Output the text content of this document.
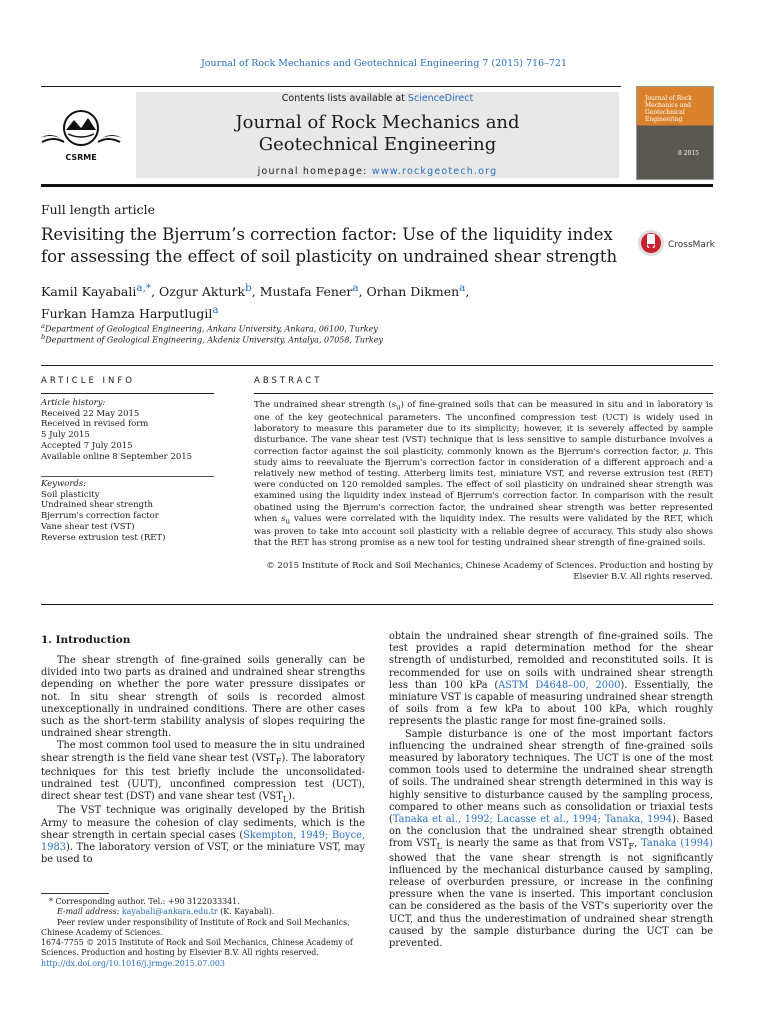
Journal of Rock Mechanics and Geotechnical Engineering 7 (2015) 716–721
CSRME
Contents lists available at ScienceDirect
Journal of Rock Mechanics and
Geotechnical Engineering
journal homepage: www.rockgeotech.org
Journal of Rock Mechanics and Geotechnical Engineering
8 2015
Full length article
Revisiting the Bjerrum’s correction factor: Use of the liquidity index
for assessing the effect of soil plasticity on undrained shear strength
CrossMark
Kamil Kayabali$^{a,*}$, Ozgur Akturk$^b$, Mustafa Fener$^a$, Orhan Dikmen$^a$,
Furkan Hamza Harputlugil$^a$
$^a$Department of Geological Engineering, Ankara University, Ankara, 06100, Turkey
$^b$Department of Geological Engineering, Akdeniz University, Antalya, 07058, Turkey
ARTICLE INFO	ABSTRACT
Article history:
Received 22 May 2015
Received in revised form
5 July 2015
Accepted 7 July 2015
Available online 8 September 2015
Keywords:
Soil plasticity
Undrained shear strength
Bjerrum's correction factor
Vane shear test (VST)
Reverse extrusion test (RET)
The undrained shear strength $(s_u)$ of fine-grained soils that can be measured in situ and in laboratory is one of the key geotechnical parameters. The unconfined compression test (UCT) is widely used in laboratory to measure this parameter due to its simplicity; however, it is severely affected by sample disturbance. The vane shear test (VST) technique that is less sensitive to sample disturbance involves a correction factor against the soil plasticity, commonly known as the Bjerrum's correction factor, μ. This study aims to reevaluate the Bjerrum's correction factor in consideration of a different approach and a relatively new method of testing. Atterberg limits test, miniature VST, and reverse extrusion test (RET) were conducted on 120 remolded samples. The effect of soil plasticity on undrained shear strength was examined using the liquidity index instead of Bjerrum's correction factor. In comparison with the result obatined using the Bjerrum's correction factor, the undrained shear strength was better represented when $s_u$ values were correlated with the liquidity index. The results were validated by the RET, which was proven to take into account soil plasticity with a reliable degree of accuracy. This study also shows that the RET has strong promise as a new tool for testing undrained shear strength of fine-grained soils.
© 2015 Institute of Rock and Soil Mechanics, Chinese Academy of Sciences. Production and hosting by
Elsevier B.V. All rights reserved.
1. Introduction

The shear strength of fine-grained soils generally can be divided into two parts as drained and undrained shear strengths depending on whether the pore water pressure dissipates or not. In situ shear strength of soils is recorded almost unexceptionally in undrained conditions. There are other cases such as the short-term stability analysis of slopes requiring the undrained shear strength.

The most common tool used to measure the in situ undrained shear strength is the field vane shear test $(VST_F)$. The laboratory techniques for this test briefly include the unconsolidated-undrained test (UUT), unconfined compression test (UCT), direct shear test (DST) and vane shear test $(VST_L)$.

The VST technique was originally developed by the British Army to measure the cohesion of clay sediments, which is the shear strength in certain special cases (Skempton, 1949; Boyce, 1983). The laboratory version of VST, or the miniature VST, may be used to

obtain the undrained shear strength of fine-grained soils. The test provides a rapid determination method for the shear strength of undisturbed, remolded and reconstituted soils. It is recommended for use on soils with undrained shear strength less than 100 kPa (ASTM D4648–00, 2000). Essentially, the miniature VST is capable of measuring undrained shear strength of soils from a few kPa to about 100 kPa, which roughly represents the plastic range for most fine-grained soils.

Sample disturbance is one of the most important factors influencing the undrained shear strength of fine-grained soils measured by laboratory techniques. The UCT is one of the most common tools used to determine the undrained shear strength of soils. The undrained shear strength determined in this way is highly sensitive to disturbance caused by the sampling process, compared to other means such as consolidation or triaxial tests (Tanaka et al., 1992; Lacasse et al., 1994; Tanaka, 1994). Based on the conclusion that the undrained shear strength obtained from $VST_L$ is nearly the same as that from $VST_F$, Tanaka (1994) showed that the vane shear strength is not significantly influenced by the mechanical disturbance caused by sampling, release of overburden pressure, or increase in the confining pressure when the vane is inserted. This important conclusion can be considered as the basis of the VST's superiority over the UCT, and thus the underestimation of undrained shear strength caused by the sample disturbance during the UCT can be prevented.

* Corresponding author. Tel.: +90 3122033341.
E-mail address: kayabali@ankara.edu.tr (K. Kayabali).
Peer review under responsibility of Institute of Rock and Soil Mechanics, Chinese Academy of Sciences.
1674-7755 © 2015 Institute of Rock and Soil Mechanics, Chinese Academy of Sciences. Production and hosting by Elsevier B.V. All rights reserved.
http://dx.doi.org/10.1016/j.jrmge.2015.07.003
